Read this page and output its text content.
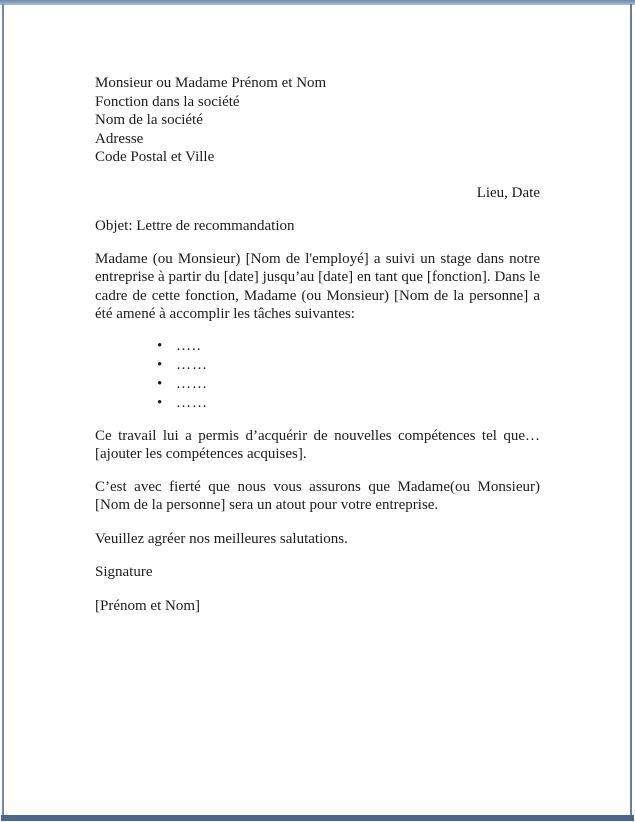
Monsieur ou Madame Prénom et Nom

Fonction dans la société

Nom de la société

Adresse

Code Postal et Ville

Lieu, Date

Objet: Lettre de recommandation

Madame (ou Monsieur) [Nom de l'employé] a suivi un stage dans notre entreprise à partir du [date] jusqu’au [date] en tant que [fonction]. Dans le cadre de cette fonction, Madame (ou Monsieur) [Nom de la personne] a été amené à accomplir les tâches suivantes:

• …..
• ……
• ……
• ……

Ce travail lui a permis d’acquérir de nouvelles compétences tel que…[ajouter les compétences acquises].

C’est avec fierté que nous vous assurons que Madame(ou Monsieur) [Nom de la personne] sera un atout pour votre entreprise.

Veuillez agréer nos meilleures salutations.

Signature

[Prénom et Nom]
